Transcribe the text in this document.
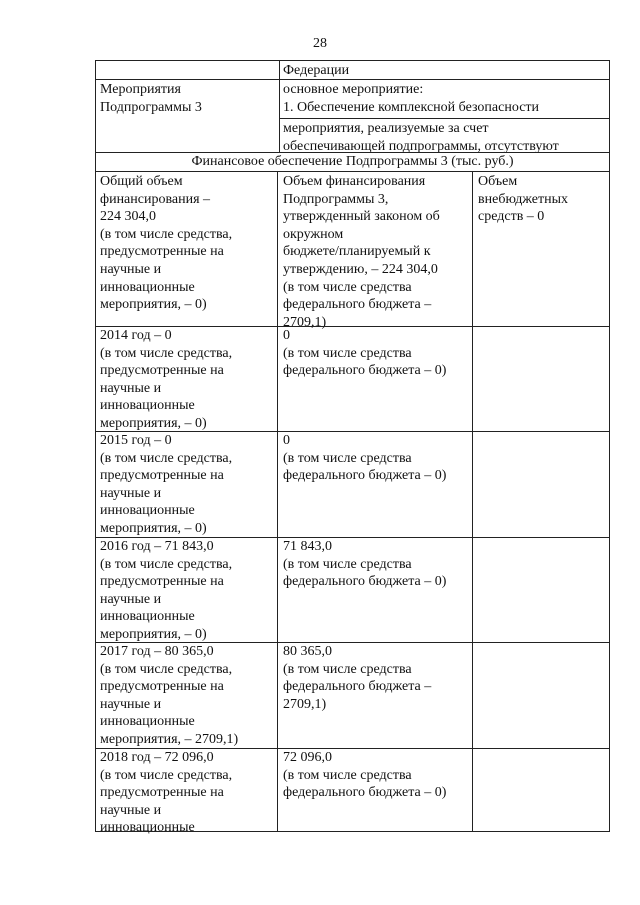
28
Федерации
Мероприятия
Подпрограммы 3
основное мероприятие:
1. Обеспечение комплексной безопасности
мероприятия, реализуемые за счет
обеспечивающей подпрограммы, отсутствуют
Финансовое обеспечение Подпрограммы 3 (тыс. руб.)
Общий объем
финансирования –
224 304,0
(в том числе средства,
предусмотренные на
научные и
инновационные
мероприятия, – 0)
Объем финансирования
Подпрограммы 3,
утвержденный законом об
окружном
бюджете/планируемый к
утверждению, – 224 304,0
(в том числе средства
федерального бюджета –
2709,1)
Объем
внебюджетных
средств – 0
2014 год – 0
(в том числе средства,
предусмотренные на
научные и
инновационные
мероприятия, – 0)
0
(в том числе средства
федерального бюджета – 0)
2015 год – 0
(в том числе средства,
предусмотренные на
научные и
инновационные
мероприятия, – 0)
0
(в том числе средства
федерального бюджета – 0)
2016 год – 71 843,0
(в том числе средства,
предусмотренные на
научные и
инновационные
мероприятия, – 0)
71 843,0
(в том числе средства
федерального бюджета – 0)
2017 год – 80 365,0
(в том числе средства,
предусмотренные на
научные и
инновационные
мероприятия, – 2709,1)
80 365,0
(в том числе средства
федерального бюджета –
2709,1)
2018 год – 72 096,0
(в том числе средства,
предусмотренные на
научные и
инновационные
72 096,0
(в том числе средства
федерального бюджета – 0)
